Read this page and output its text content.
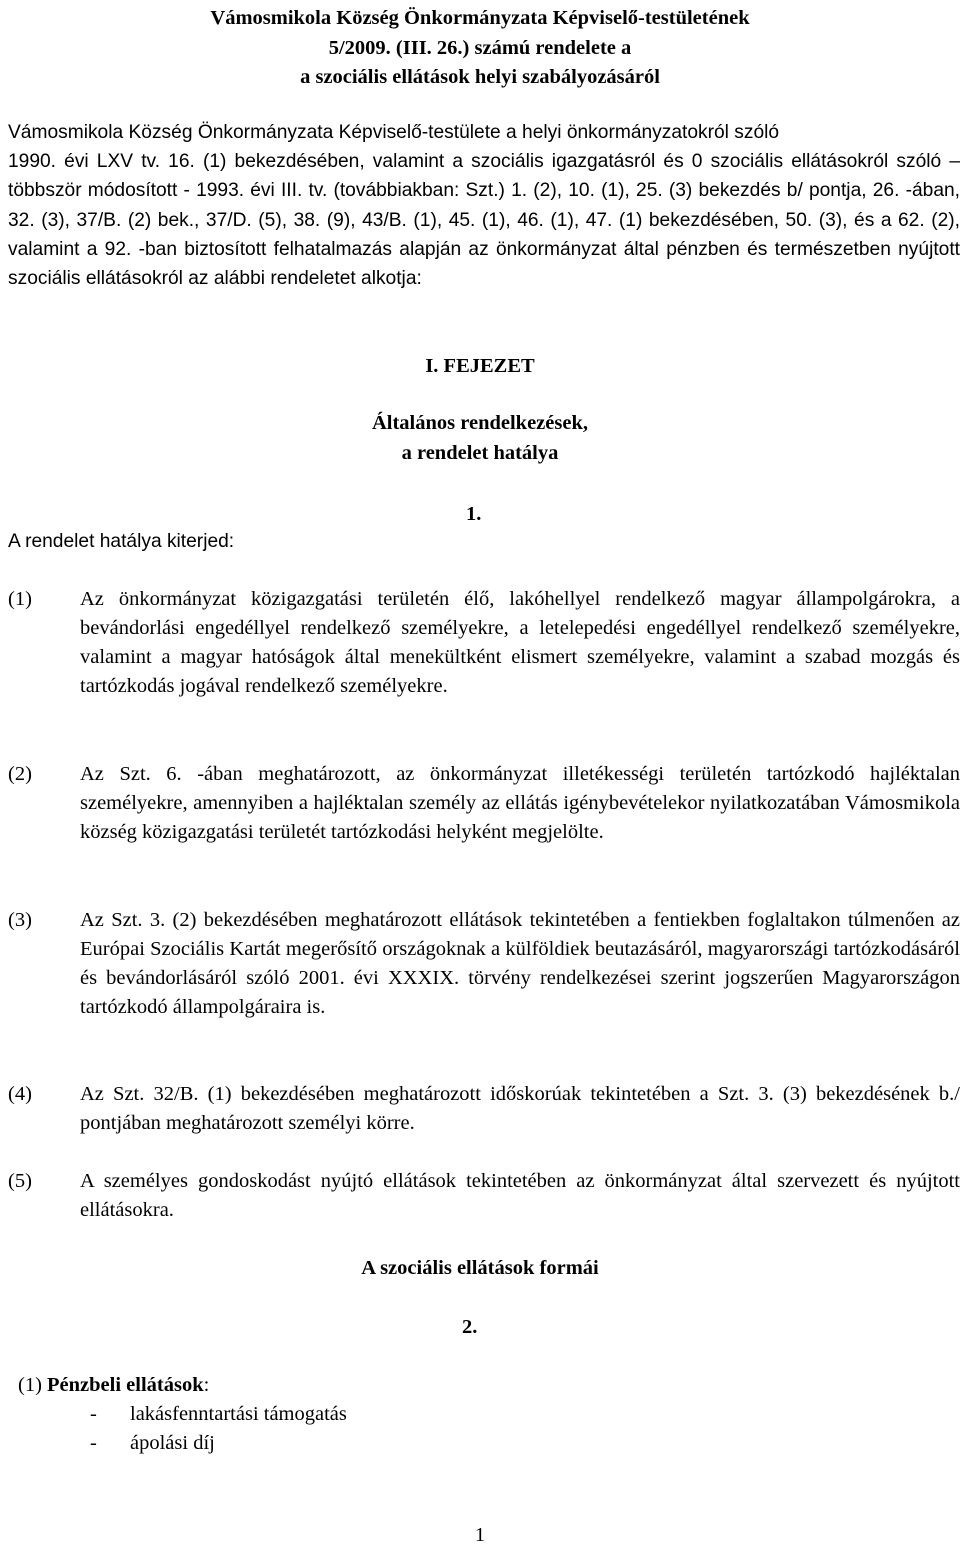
Vámosmikola Község Önkormányzata Képviselő-testületének
5/2009. (III. 26.) számú rendelete a
a szociális ellátások helyi szabályozásáról
Vámosmikola Község Önkormányzata Képviselő-testülete a helyi önkormányzatokról szóló
1990. évi LXV tv. 16. (1) bekezdésében, valamint a szociális igazgatásról és 0 szociális ellátásokról szóló – többször módosított - 1993. évi III. tv. (továbbiakban: Szt.) 1. (2), 10. (1), 25. (3) bekezdés b/ pontja, 26. -ában, 32. (3), 37/B. (2) bek., 37/D. (5), 38. (9), 43/B. (1), 45. (1), 46. (1), 47. (1) bekezdésében, 50. (3), és a 62. (2), valamint a 92. -ban biztosított felhatalmazás alapján az önkormányzat által pénzben és természetben nyújtott szociális ellátásokról az alábbi rendeletet alkotja:
I. FEJEZET
Általános rendelkezések,
a rendelet hatálya
1.
A rendelet hatálya kiterjed:
(1) Az önkormányzat közigazgatási területén élő, lakóhellyel rendelkező magyar állampolgárokra, a bevándorlási engedéllyel rendelkező személyekre, a letelepedési engedéllyel rendelkező személyekre, valamint a magyar hatóságok által menekültként elismert személyekre, valamint a szabad mozgás és tartózkodás jogával rendelkező személyekre.
(2) Az Szt. 6. -ában meghatározott, az önkormányzat illetékességi területén tartózkodó hajléktalan személyekre, amennyiben a hajléktalan személy az ellátás igénybevételekor nyilatkozatában Vámosmikola község közigazgatási területét tartózkodási helyként megjelölte.
(3) Az Szt. 3. (2) bekezdésében meghatározott ellátások tekintetében a fentiekben foglaltakon túlmenően az Európai Szociális Kartát megerősítő országoknak a külföldiek beutazásáról, magyarországi tartózkodásáról és bevándorlásáról szóló 2001. évi XXXIX. törvény rendelkezései szerint jogszerűen Magyarországon tartózkodó állampolgáraira is.
(4) Az Szt. 32/B. (1) bekezdésében meghatározott időskorúak tekintetében a Szt. 3. (3) bekezdésének b./ pontjában meghatározott személyi körre.
(5) A személyes gondoskodást nyújtó ellátások tekintetében az önkormányzat által szervezett és nyújtott ellátásokra.
A szociális ellátások formái
2.
(1) Pénzbeli ellátások:
- lakásfenntartási támogatás
- ápolási díj
1
